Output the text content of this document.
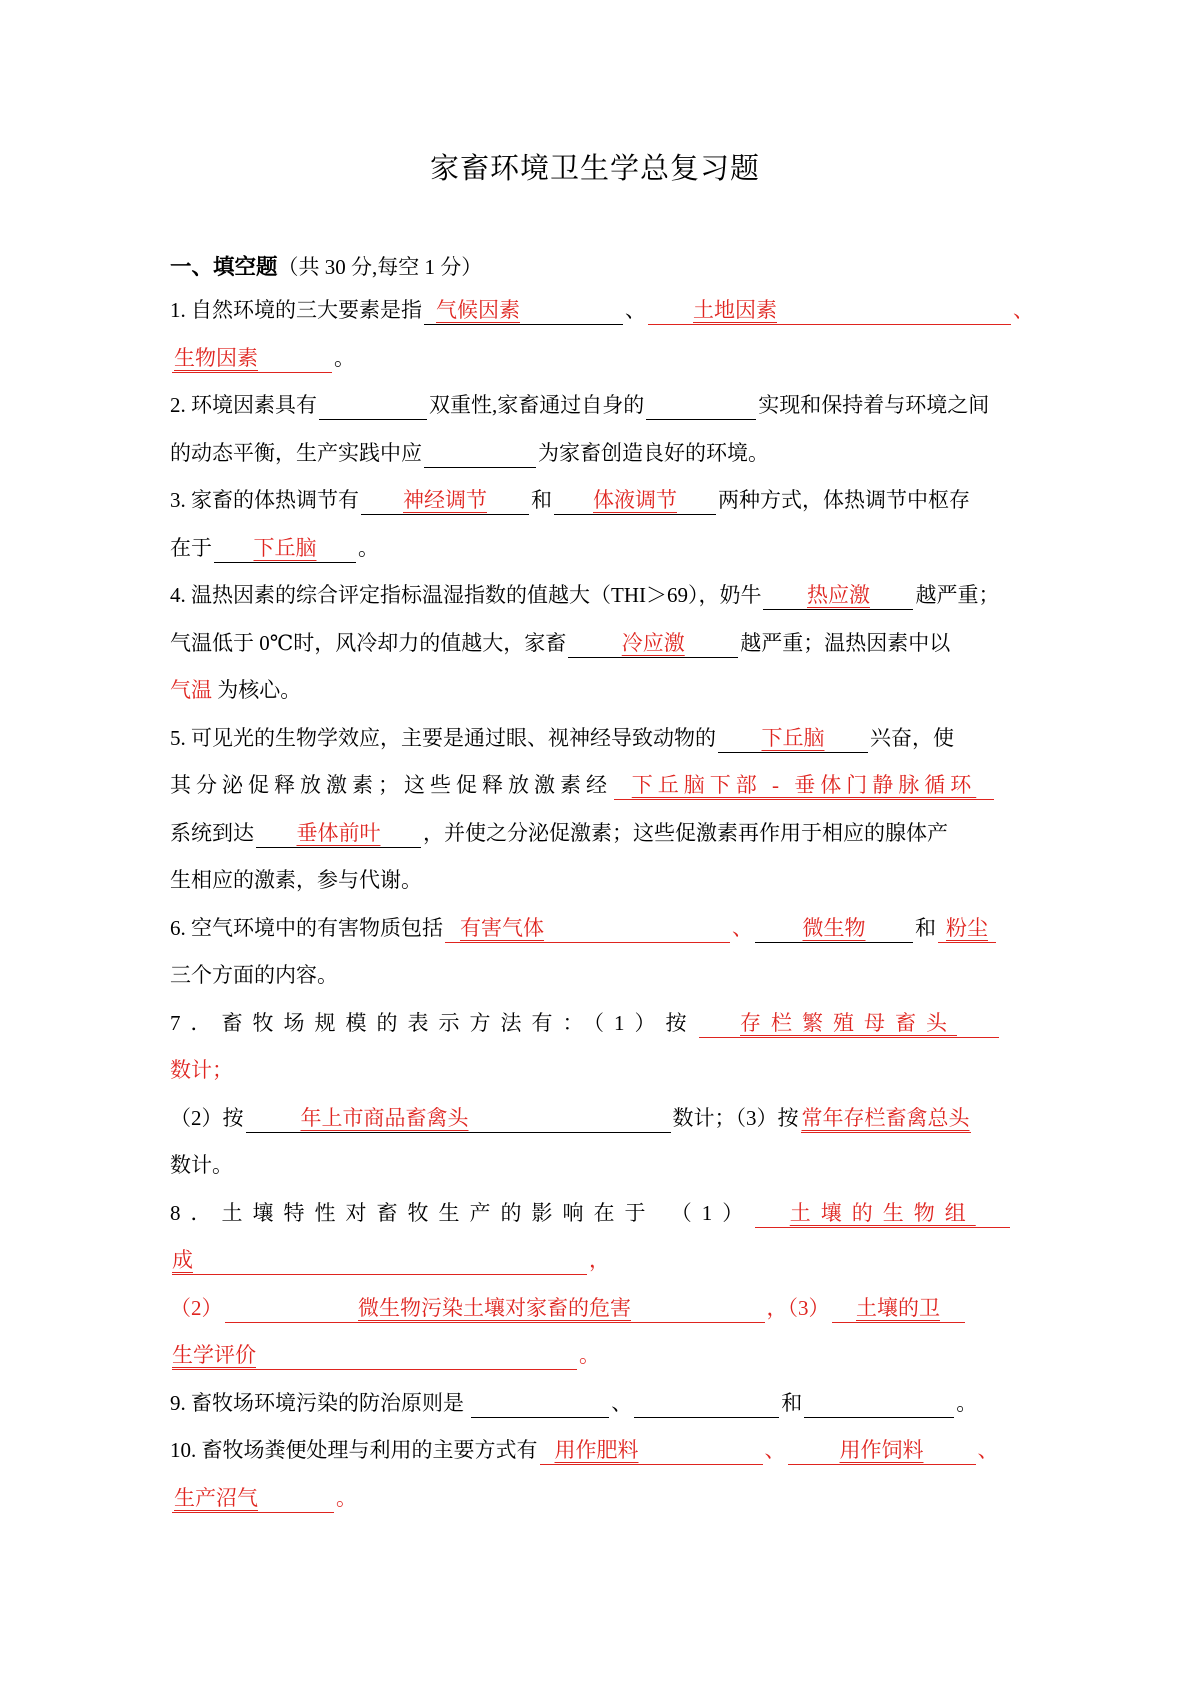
家畜环境卫生学总复习题
一、填空题（共 30 分,每空 1 分）
1. 自然环境的三大要素是指 气候因素	、 土地因素	、
生物因素	。
2. 环境因素具有	双重性,家畜通过自身的	实现和保持着与环境之间
的动态平衡，生产实践中应	为家畜创造良好的环境。
3. 家畜的体热调节有 神经调节 和 体液调节 两种方式，体热调节中枢存
在于 下丘脑 。
4. 温热因素的综合评定指标温湿指数的值越大（THI＞69），奶牛 热应激 越严重；
气温低于 0℃时，风冷却力的值越大，家畜	冷应激	越严重；温热因素中以
气温 为核心。
5. 可见光的生物学效应，主要是通过眼、视神经导致动物的 下丘脑 兴奋，使
其分泌促释放激素；这些促释放激素经 下丘脑下部 - 垂体门静脉循环
系统到达 垂体前叶 ，并使之分泌促激素；这些促激素再作用于相应的腺体产
生相应的激素，参与代谢。
6. 空气环境中的有害物质包括 有害气体	、 微生物 和 粉尘
三个方面的内容。
7．畜牧场规模的表示方法有：（1）按 存栏繁殖母畜头
数计；
（2）按	年上市商品畜禽头	数计；（3）按 常年存栏畜禽总头
数计。
8．土壤特性对畜牧生产的影响在于 （1） 土壤的生物组
成	，
（2）	微生物污染土壤对家畜的危害	，（3） 土壤的卫
生学评价	。
9. 畜牧场环境污染的防治原则是	、	和	。
10. 畜牧场粪便处理与利用的主要方式有 用作肥料	、	用作饲料	、
生产沼气	。
